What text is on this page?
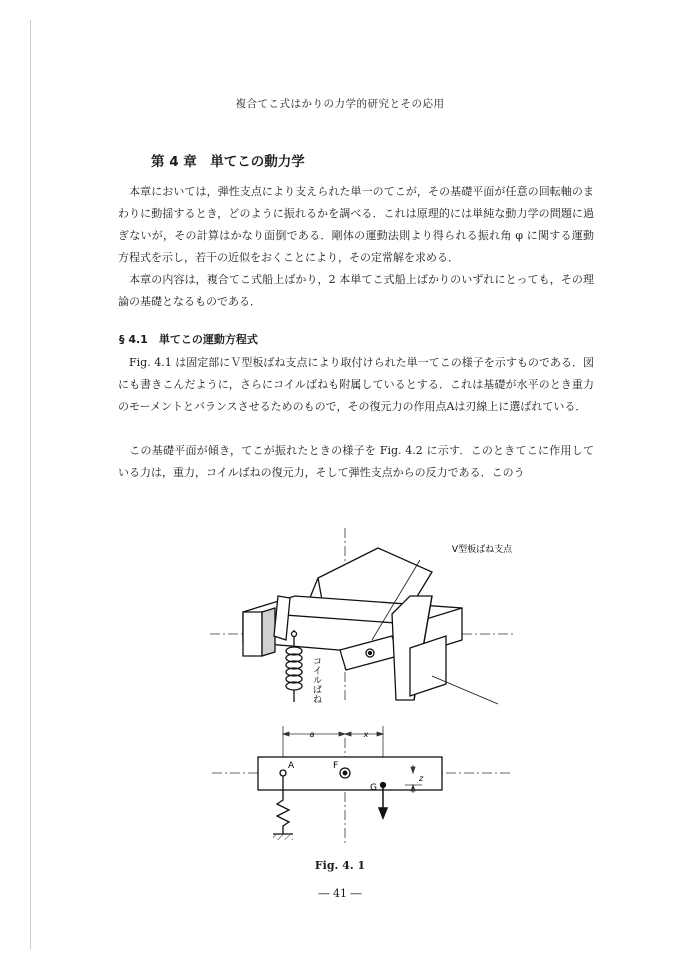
複合てこ式はかりの力学的研究とその応用
第 4 章　単てこの動力学
本章においては，弾性支点により支えられた単一のてこが，その基礎平面が任意の回転軸のまわりに動揺するとき，どのように振れるかを調べる．これは原理的には単純な動力学の問題に過ぎないが，その計算はかなり面倒である．剛体の運動法則より得られる振れ角 φ に関する運動方程式を示し，若干の近似をおくことにより，その定常解を求める．
本章の内容は，複合てこ式船上ばかり，2 本単てこ式船上ばかりのいずれにとっても，その理論の基礎となるものである．
§ 4.1　単てこの運動方程式
Fig. 4.1 は固定部にＶ型板ばね支点により取付けられた単一てこの様子を示すものである．図にも書きこんだように，さらにコイルばねも附属しているとする．これは基礎が水平のとき重力のモーメントとバランスさせるためのもので，その復元力の作用点Aは刃線上に選ばれている．
この基礎平面が傾き，てこが振れたときの様子を Fig. 4.2 に示す．このときてこに作用している力は，重力，コイルばねの復元力，そして弾性支点からの反力である．このう
V型板ばね支点
コイルばね
a	x
A	F
G
z
Fig. 4. 1
― 41 ―
